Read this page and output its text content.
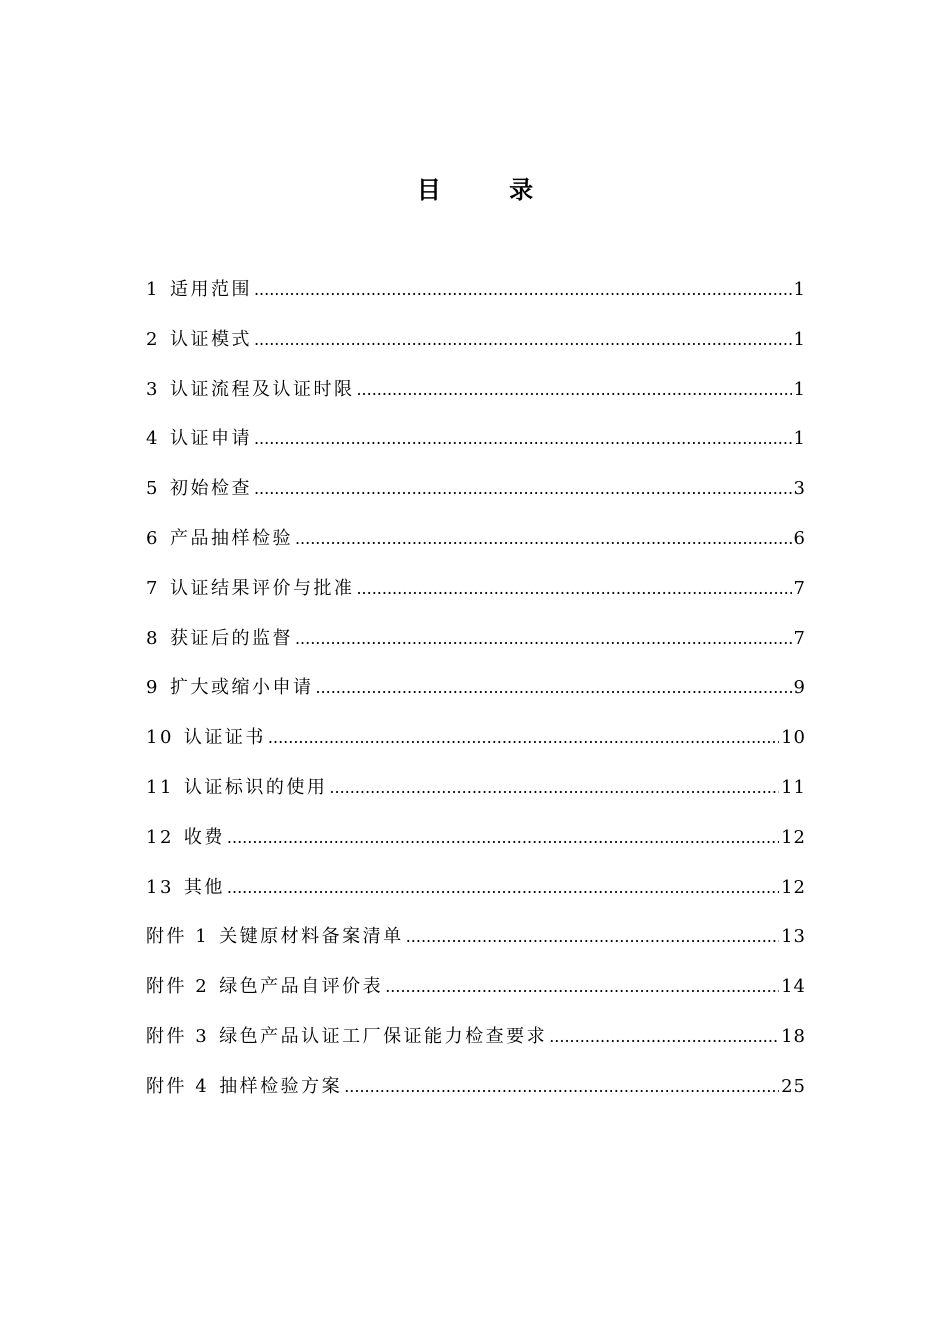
目 录
1 适用范围 .....	1
2 认证模式 .....	1
3 认证流程及认证时限 .....	1
4 认证申请 .....	1
5 初始检查 .....	3
6 产品抽样检验 .....	6
7 认证结果评价与批准 .....	7
8 获证后的监督 .....	7
9 扩大或缩小申请 .....	9
10 认证证书 .....	10
11 认证标识的使用 .....	11
12 收费 .....	12
13 其他 .....	12
附件 1 关键原材料备案清单 .....	13
附件 2 绿色产品自评价表 .....	14
附件 3 绿色产品认证工厂保证能力检查要求 .....	18
附件 4 抽样检验方案 .....	25
